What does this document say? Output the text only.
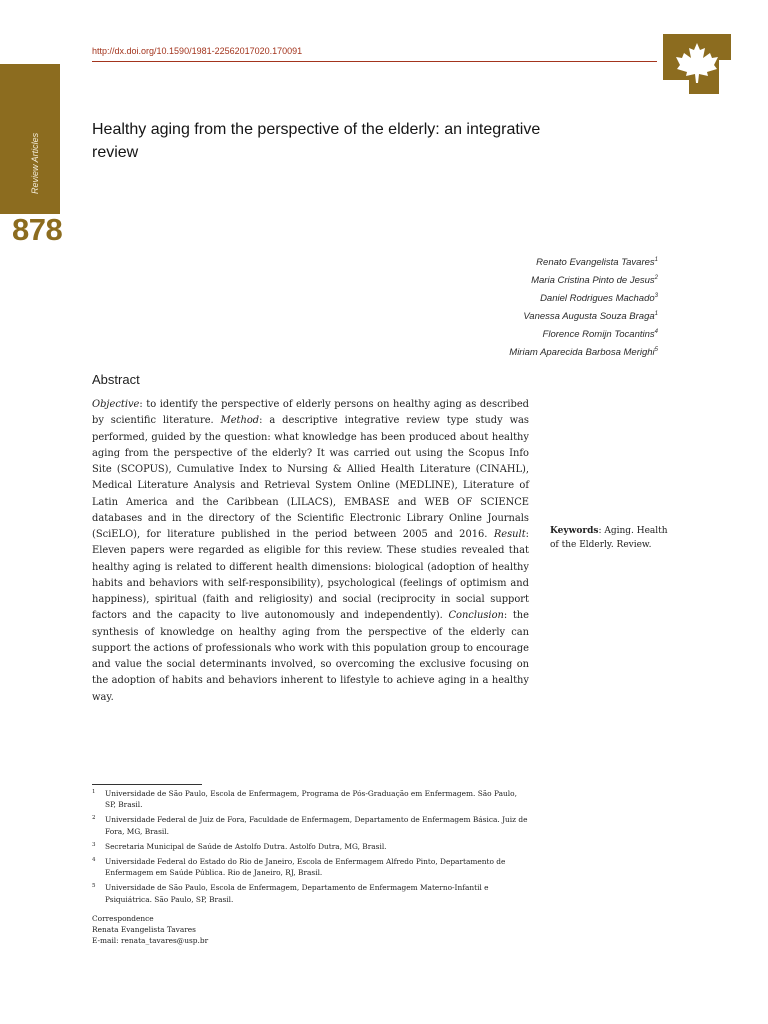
Review Articles
878
http://dx.doi.org/10.1590/1981-22562017020.170091
Healthy aging from the perspective of the elderly: an integrative review
Renato Evangelista Tavares$^1$
Maria Cristina Pinto de Jesus$^2$
Daniel Rodrigues Machado$^3$
Vanessa Augusta Souza Braga$^1$
Florence Romijn Tocantins$^4$
Miriam Aparecida Barbosa Merighi$^5$
Abstract

Objective: to identify the perspective of elderly persons on healthy aging as described by scientific literature. Method: a descriptive integrative review type study was performed, guided by the question: what knowledge has been produced about healthy aging from the perspective of the elderly? It was carried out using the Scopus Info Site (SCOPUS), Cumulative Index to Nursing & Allied Health Literature (CINAHL), Medical Literature Analysis and Retrieval System Online (MEDLINE), Literature of Latin America and the Caribbean (LILACS), EMBASE and WEB OF SCIENCE databases and in the directory of the Scientific Electronic Library Online Journals (SciELO), for literature published in the period between 2005 and 2016. Result: Eleven papers were regarded as eligible for this review. These studies revealed that healthy aging is related to different health dimensions: biological (adoption of healthy habits and behaviors with self-responsibility), psychological (feelings of optimism and happiness), spiritual (faith and religiosity) and social (reciprocity in social support factors and the capacity to live autonomously and independently). Conclusion: the synthesis of knowledge on healthy aging from the perspective of the elderly can support the actions of professionals who work with this population group to encourage and value the social determinants involved, so overcoming the exclusive focusing on the adoption of habits and behaviors inherent to lifestyle to achieve aging in a healthy way.

Keywords: Aging. Health of the Elderly. Review.
1 Universidade de São Paulo, Escola de Enfermagem, Programa de Pós-Graduação em Enfermagem. São Paulo, SP, Brasil.
2 Universidade Federal de Juiz de Fora, Faculdade de Enfermagem, Departamento de Enfermagem Básica. Juiz de Fora, MG, Brasil.
3 Secretaria Municipal de Saúde de Astolfo Dutra. Astolfo Dutra, MG, Brasil.
4 Universidade Federal do Estado do Rio de Janeiro, Escola de Enfermagem Alfredo Pinto, Departamento de Enfermagem em Saúde Pública. Rio de Janeiro, RJ, Brasil.
5 Universidade de São Paulo, Escola de Enfermagem, Departamento de Enfermagem Materno-Infantil e Psiquiátrica. São Paulo, SP, Brasil.
Correspondence
Renata Evangelista Tavares
E-mail: renata_tavares@usp.br
